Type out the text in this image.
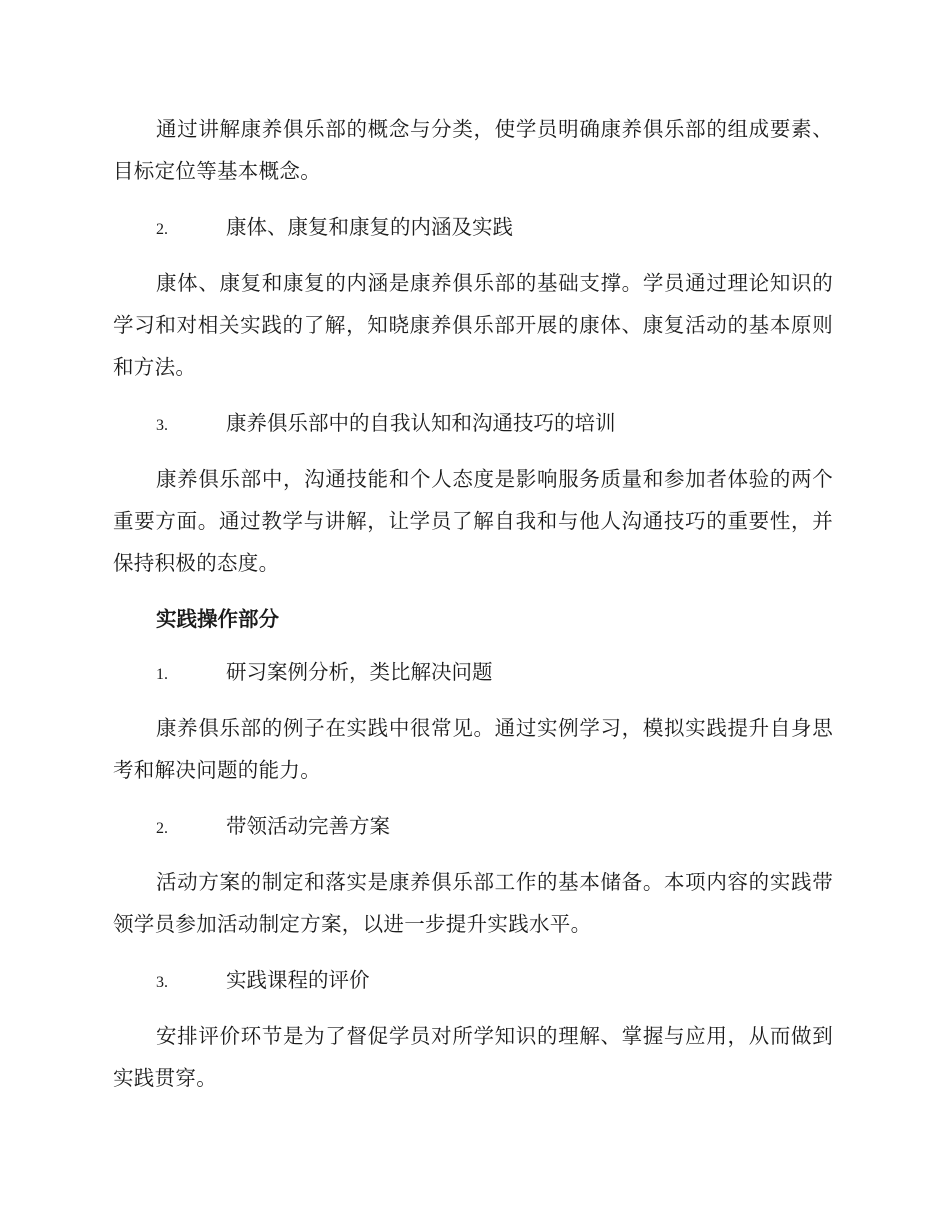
通过讲解康养俱乐部的概念与分类，使学员明确康养俱乐部的组成要素、目标定位等基本概念。

2.	康体、康复和康复的内涵及实践

康体、康复和康复的内涵是康养俱乐部的基础支撑。学员通过理论知识的学习和对相关实践的了解，知晓康养俱乐部开展的康体、康复活动的基本原则和方法。

3.	康养俱乐部中的自我认知和沟通技巧的培训

康养俱乐部中，沟通技能和个人态度是影响服务质量和参加者体验的两个重要方面。通过教学与讲解，让学员了解自我和与他人沟通技巧的重要性，并保持积极的态度。

实践操作部分
1.	研习案例分析，类比解决问题

康养俱乐部的例子在实践中很常见。通过实例学习，模拟实践提升自身思考和解决问题的能力。

2.	带领活动完善方案

活动方案的制定和落实是康养俱乐部工作的基本储备。本项内容的实践带领学员参加活动制定方案，以进一步提升实践水平。

3.	实践课程的评价

安排评价环节是为了督促学员对所学知识的理解、掌握与应用，从而做到实践贯穿。
